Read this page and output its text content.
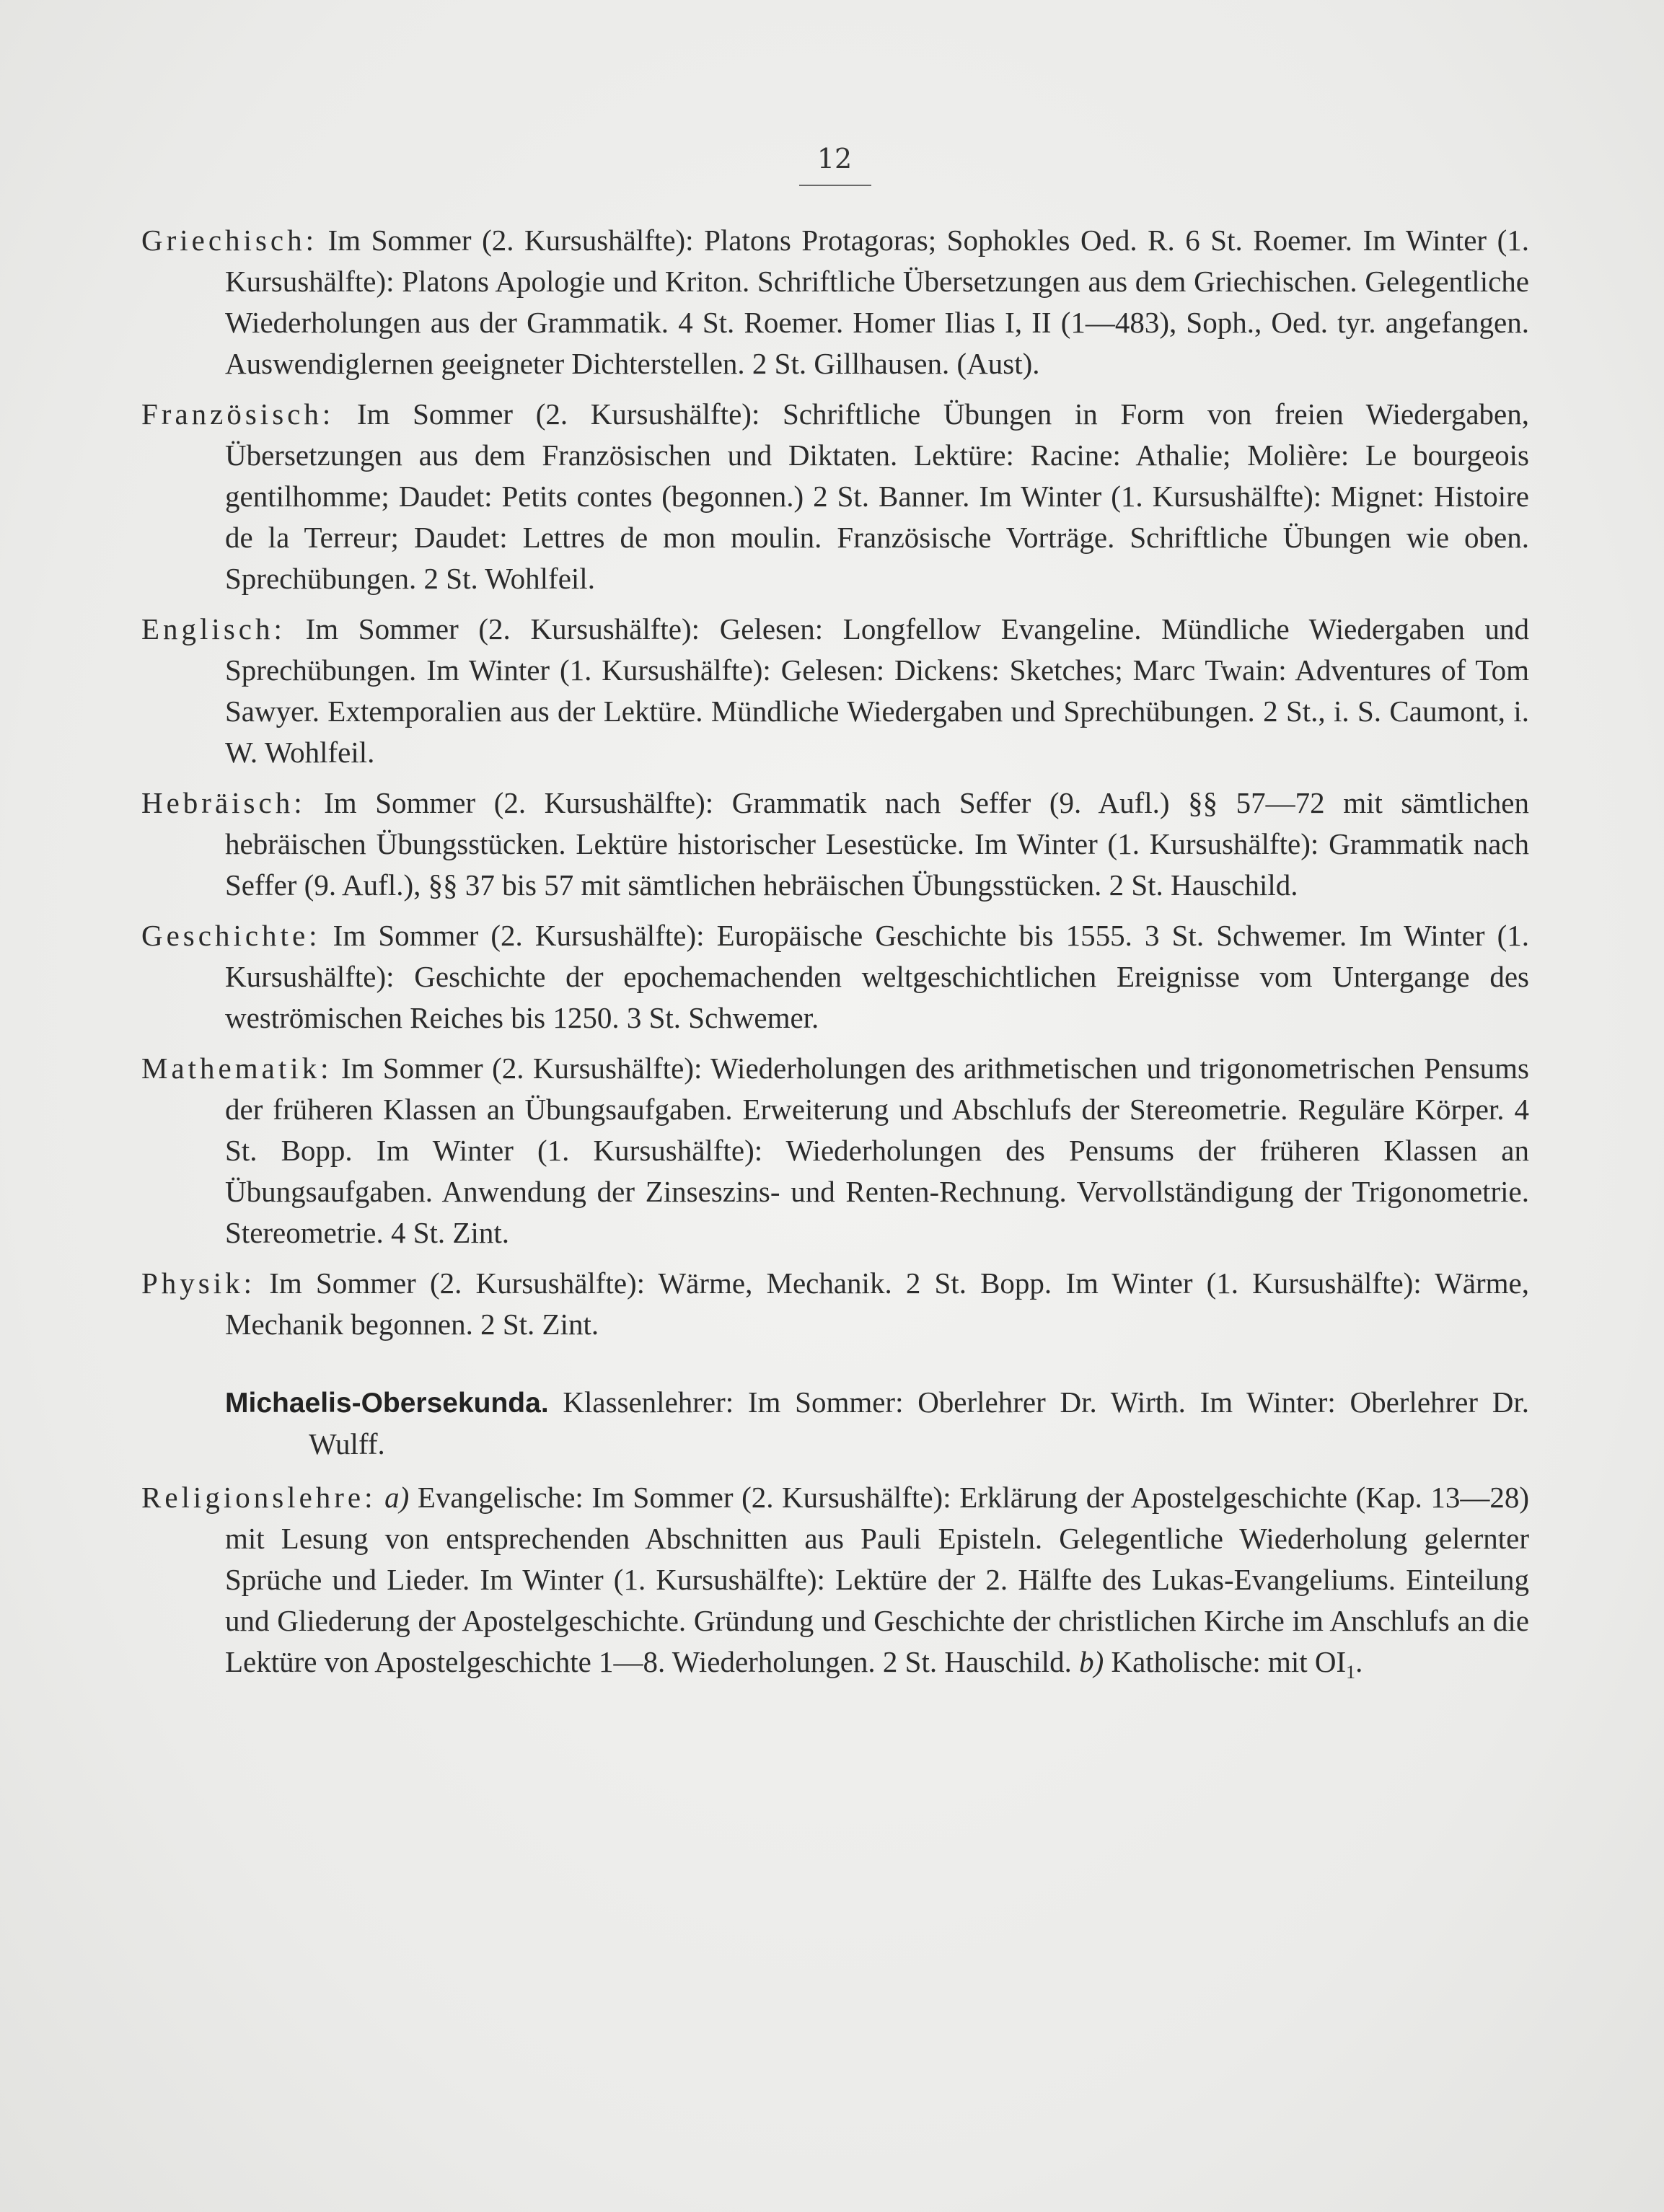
12

Griechisch: Im Sommer (2. Kursushälfte): Platons Protagoras; Sophokles Oed. R. 6 St. Roemer. Im Winter (1. Kursushälfte): Platons Apologie und Kriton. Schriftliche Übersetzungen aus dem Griechischen. Gelegentliche Wiederholungen aus der Grammatik. 4 St. Roemer. Homer Ilias I, II (1—483), Soph., Oed. tyr. angefangen. Auswendiglernen geeigneter Dichterstellen. 2 St. Gillhausen. (Aust).

Französisch: Im Sommer (2. Kursushälfte): Schriftliche Übungen in Form von freien Wiedergaben, Übersetzungen aus dem Französischen und Diktaten. Lektüre: Racine: Athalie; Molière: Le bourgeois gentilhomme; Daudet: Petits contes (begonnen.) 2 St. Banner. Im Winter (1. Kursushälfte): Mignet: Histoire de la Terreur; Daudet: Lettres de mon moulin. Französische Vorträge. Schriftliche Übungen wie oben. Sprechübungen. 2 St. Wohlfeil.

Englisch: Im Sommer (2. Kursushälfte): Gelesen: Longfellow Evangeline. Mündliche Wiedergaben und Sprechübungen. Im Winter (1. Kursushälfte): Gelesen: Dickens: Sketches; Marc Twain: Adventures of Tom Sawyer. Extemporalien aus der Lektüre. Mündliche Wiedergaben und Sprechübungen. 2 St., i. S. Caumont, i. W. Wohlfeil.

Hebräisch: Im Sommer (2. Kursushälfte): Grammatik nach Seffer (9. Aufl.) §§ 57—72 mit sämtlichen hebräischen Übungsstücken. Lektüre historischer Lesestücke. Im Winter (1. Kursushälfte): Grammatik nach Seffer (9. Aufl.), §§ 37 bis 57 mit sämtlichen hebräischen Übungsstücken. 2 St. Hauschild.

Geschichte: Im Sommer (2. Kursushälfte): Europäische Geschichte bis 1555. 3 St. Schwemer. Im Winter (1. Kursushälfte): Geschichte der epochemachenden weltgeschichtlichen Ereignisse vom Untergange des weströmischen Reiches bis 1250. 3 St. Schwemer.

Mathematik: Im Sommer (2. Kursushälfte): Wiederholungen des arithmetischen und trigonometrischen Pensums der früheren Klassen an Übungsaufgaben. Erweiterung und Abschlufs der Stereometrie. Reguläre Körper. 4 St. Bopp. Im Winter (1. Kursushälfte): Wiederholungen des Pensums der früheren Klassen an Übungsaufgaben. Anwendung der Zinseszins- und Renten-Rechnung. Vervollständigung der Trigonometrie. Stereometrie. 4 St. Zint.

Physik: Im Sommer (2. Kursushälfte): Wärme, Mechanik. 2 St. Bopp. Im Winter (1. Kursushälfte): Wärme, Mechanik begonnen. 2 St. Zint.

Michaelis-Obersekunda. Klassenlehrer: Im Sommer: Oberlehrer Dr. Wirth. Im Winter: Oberlehrer Dr. Wulff.

Religionslehre: a) Evangelische: Im Sommer (2. Kursushälfte): Erklärung der Apostelgeschichte (Kap. 13—28) mit Lesung von entsprechenden Abschnitten aus Pauli Episteln. Gelegentliche Wiederholung gelernter Sprüche und Lieder. Im Winter (1. Kursushälfte): Lektüre der 2. Hälfte des Lukas-Evangeliums. Einteilung und Gliederung der Apostelgeschichte. Gründung und Geschichte der christlichen Kirche im Anschlufs an die Lektüre von Apostelgeschichte 1—8. Wiederholungen. 2 St. Hauschild. b) Katholische: mit $OI_1$.
